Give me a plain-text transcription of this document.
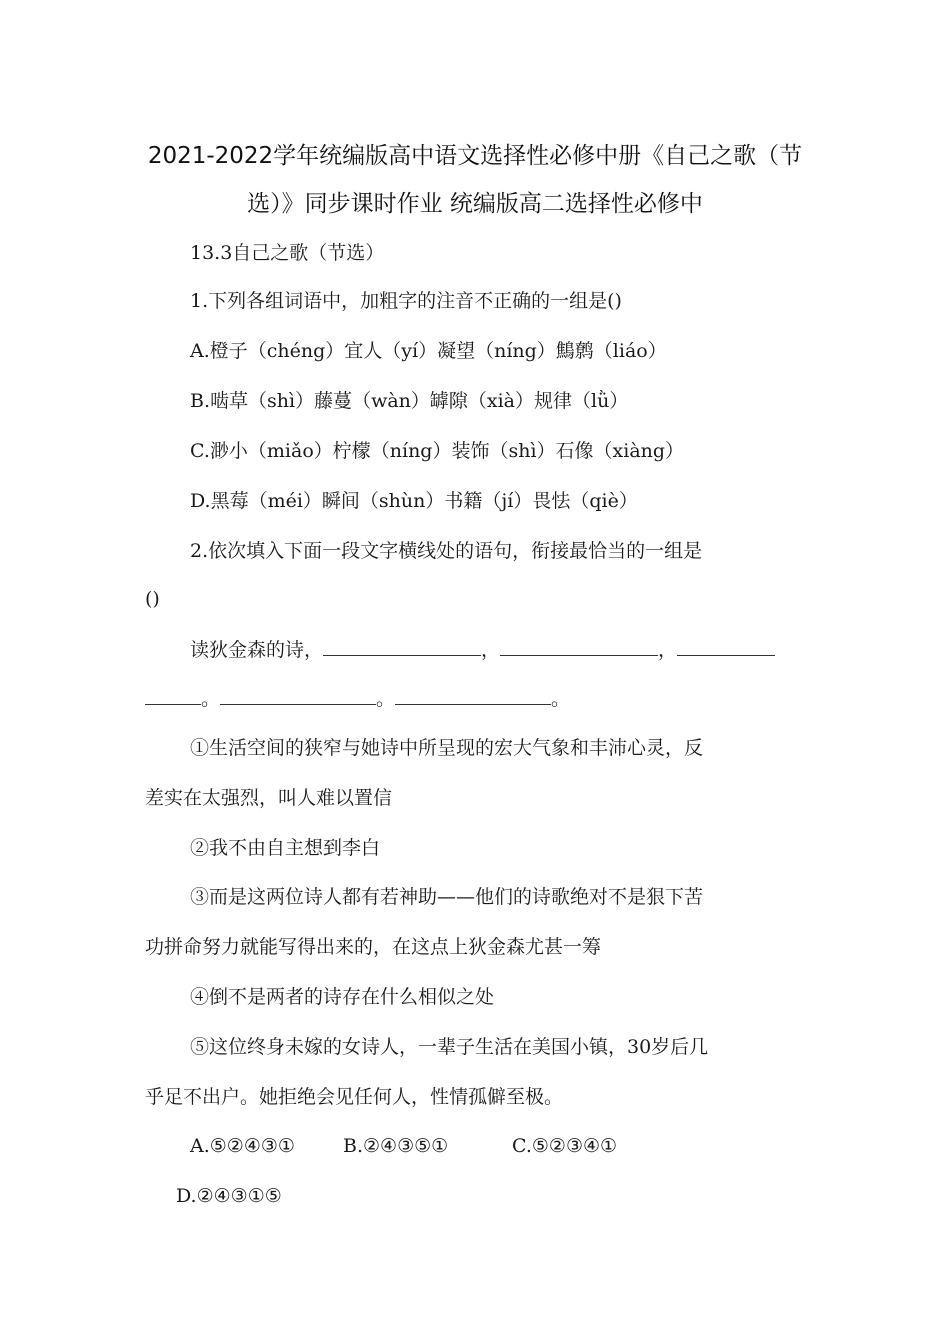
2021-2022学年统编版高中语文选择性必修中册《自己之歌（节
选）》同步课时作业 统编版高二选择性必修中
13.3自己之歌（节选）
1.下列各组词语中，加粗字的注音不正确的一组是()
A.橙子（chéng）宜人（yí）凝望（níng）鷦鹩（liáo）
B.啮草（shì）藤蔓（wàn）罅隙（xià）规律（lǜ）
C.渺小（miǎo）柠檬（níng）装饰（shì）石像（xiàng）
D.黑莓（méi）瞬间（shùn）书籍（jí）畏怯（qiè）
2.依次填入下面一段文字横线处的语句，衔接最恰当的一组是
()
读狄金森的诗，	，	，
。	。	。
①生活空间的狭窄与她诗中所呈现的宏大气象和丰沛心灵，反
差实在太强烈，叫人难以置信
②我不由自主想到李白
③而是这两位诗人都有若神助——他们的诗歌绝对不是狠下苦
功拼命努力就能写得出来的，在这点上狄金森尤甚一筹
④倒不是两者的诗存在什么相似之处
⑤这位终身未嫁的女诗人，一辈子生活在美国小镇，30岁后几
乎足不出户。她拒绝会见任何人，性情孤僻至极。
A.⑤②④③①	B.②④③⑤①	C.⑤②③④①
D.②④③①⑤
